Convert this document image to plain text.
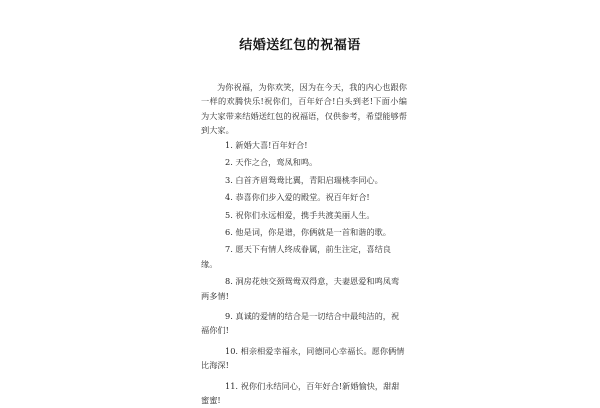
结婚送红包的祝福语

为你祝福，为你欢笑，因为在今天，我的内心也跟你一样的欢腾快乐!祝你们，百年好合!白头到老!下面小编为大家带来结婚送红包的祝福语，仅供参考，希望能够帮到大家。

1. 新婚大喜!百年好合!
2. 天作之合，鸾凤和鸣。
3. 白首齐眉鸳鸯比翼，青阳启瑞桃李同心。
4. 恭喜你们步入爱的殿堂。祝百年好合!
5. 祝你们永远相爱，携手共渡美丽人生。
6. 他是词，你是谱，你俩就是一首和谐的歌。
7. 愿天下有情人终成眷属，前生注定，喜结良缘。
8. 洞房花烛交颈鸳鸯双得意，夫妻恩爱和鸣凤鸾两多情!
9. 真诚的爱情的结合是一切结合中最纯洁的，祝福你们!
10. 相亲相爱幸福永，同德同心幸福长。愿你俩情比海深!
11. 祝你们永结同心，百年好合!新婚愉快，甜甜蜜蜜!
